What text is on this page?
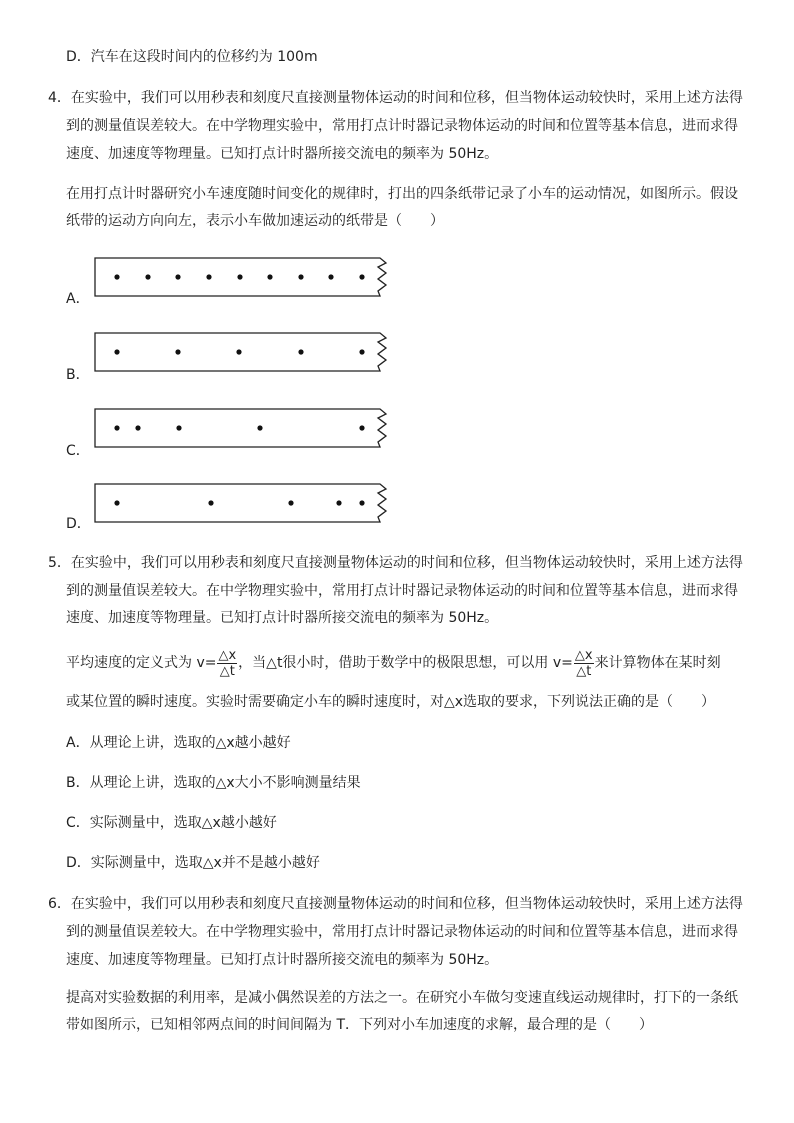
D．汽车在这段时间内的位移约为 100m
4．在实验中，我们可以用秒表和刻度尺直接测量物体运动的时间和位移，但当物体运动较快时，采用上述方法得
到的测量值误差较大。在中学物理实验中，常用打点计时器记录物体运动的时间和位置等基本信息，进而求得
速度、加速度等物理量。已知打点计时器所接交流电的频率为 50Hz。
在用打点计时器研究小车速度随时间变化的规律时，打出的四条纸带记录了小车的运动情况，如图所示。假设
纸带的运动方向向左，表示小车做加速运动的纸带是（　　）
A．
B．
C．
D．
5．在实验中，我们可以用秒表和刻度尺直接测量物体运动的时间和位移，但当物体运动较快时，采用上述方法得
到的测量值误差较大。在中学物理实验中，常用打点计时器记录物体运动的时间和位置等基本信息，进而求得
速度、加速度等物理量。已知打点计时器所接交流电的频率为 50Hz。
平均速度的定义式为 $v= \frac{\triangle x}{\triangle t}$ ，当△t很小时，借助于数学中的极限思想，可以用 $v= \frac{\triangle x}{\triangle t}$ 来计算物体在某时刻
或某位置的瞬时速度。实验时需要确定小车的瞬时速度时，对△x选取的要求，下列说法正确的是（　　）
A．从理论上讲，选取的△x越小越好
B．从理论上讲，选取的△x大小不影响测量结果
C．实际测量中，选取△x越小越好
D．实际测量中，选取△x并不是越小越好
6．在实验中，我们可以用秒表和刻度尺直接测量物体运动的时间和位移，但当物体运动较快时，采用上述方法得
到的测量值误差较大。在中学物理实验中，常用打点计时器记录物体运动的时间和位置等基本信息，进而求得
速度、加速度等物理量。已知打点计时器所接交流电的频率为 50Hz。
提高对实验数据的利用率，是减小偶然误差的方法之一。在研究小车做匀变速直线运动规律时，打下的一条纸
带如图所示，已知相邻两点间的时间间隔为 T．下列对小车加速度的求解，最合理的是（　　）
